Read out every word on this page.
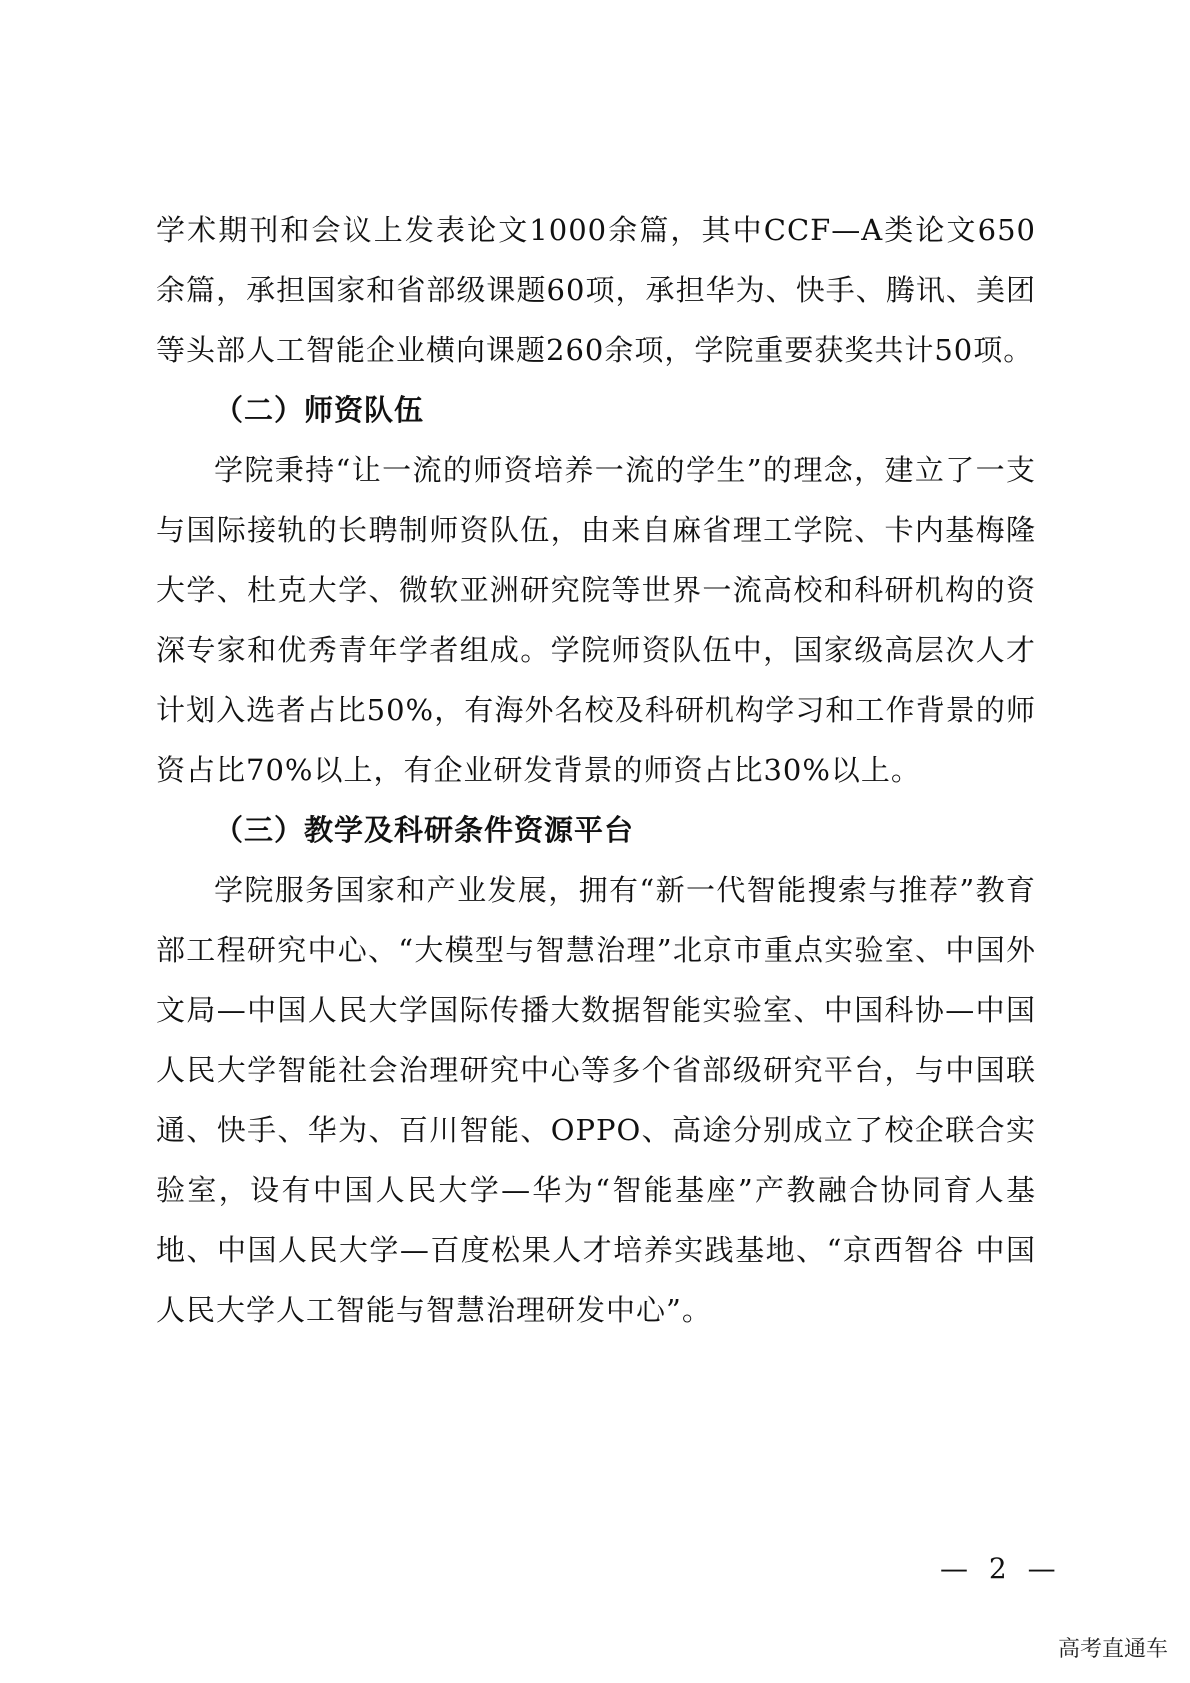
学术期刊和会议上发表论文1000余篇，其中CCF—A类论文650余篇，承担国家和省部级课题60项，承担华为、快手、腾讯、美团等头部人工智能企业横向课题260余项，学院重要获奖共计50项。

（二）师资队伍

学院秉持“让一流的师资培养一流的学生”的理念，建立了一支与国际接轨的长聘制师资队伍，由来自麻省理工学院、卡内基梅隆大学、杜克大学、微软亚洲研究院等世界一流高校和科研机构的资深专家和优秀青年学者组成。学院师资队伍中，国家级高层次人才计划入选者占比50%，有海外名校及科研机构学习和工作背景的师资占比70%以上，有企业研发背景的师资占比30%以上。

（三）教学及科研条件资源平台

学院服务国家和产业发展，拥有“新一代智能搜索与推荐”教育部工程研究中心、“大模型与智慧治理”北京市重点实验室、中国外文局—中国人民大学国际传播大数据智能实验室、中国科协—中国人民大学智能社会治理研究中心等多个省部级研究平台，与中国联通、快手、华为、百川智能、OPPO、高途分别成立了校企联合实验室，设有中国人民大学—华为“智能基座”产教融合协同育人基地、中国人民大学—百度松果人才培养实践基地、“京西智谷 中国人民大学人工智能与智慧治理研发中心”。

— 2 —
高考直通车
